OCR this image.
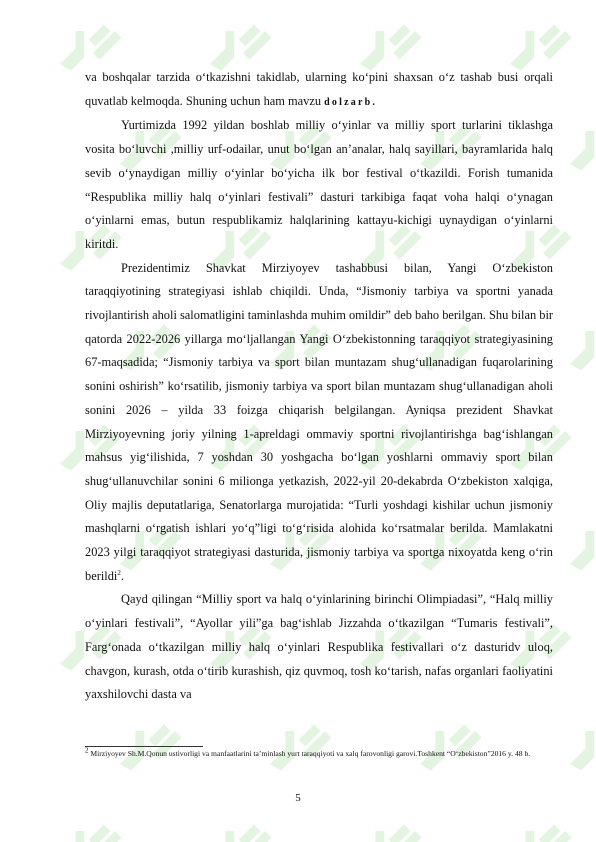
va boshqalar tarzida o‘tkazishni takidlab, ularning ko‘pini shaxsan o‘z tashab busi orqali quvatlab kelmoqda. Shuning uchun ham mavzu dolzarb.

Yurtimizda 1992 yildan boshlab milliy o‘yinlar va milliy sport turlarini tiklashga vosita bo‘luvchi ,milliy urf-odailar, unut bo‘lgan an’analar, halq sayillari, bayramlarida halq sevib o‘ynaydigan milliy o‘yinlar bo‘yicha ilk bor festival o‘tkazildi. Forish tumanida “Respublika milliy halq o‘yinlari festivali” dasturi tarkibiga faqat voha halqi o‘ynagan o‘yinlarni emas, butun respublikamiz halqlarining kattayu-kichigi uynaydigan o‘yinlarni kiritdi.

Prezidentimiz Shavkat Mirziyoyev tashabbusi bilan, Yangi O‘zbekiston taraqqiyotining strategiyasi ishlab chiqildi. Unda, “Jismoniy tarbiya va sportni yanada rivojlantirish aholi salomatligini taminlashda muhim omildir” deb baho berilgan. Shu bilan bir qatorda 2022-2026 yillarga mo‘ljallangan Yangi O‘zbekistonning taraqqiyot strategiyasining 67-maqsadida; “Jismoniy tarbiya va sport bilan muntazam shug‘ullanadigan fuqarolarining sonini oshirish” ko‘rsatilib, jismoniy tarbiya va sport bilan muntazam shug‘ullanadigan aholi sonini 2026 – yilda 33 foizga chiqarish belgilangan. Ayniqsa prezident Shavkat Mirziyoyevning joriy yilning 1-apreldagi ommaviy sportni rivojlantirishga bag‘ishlangan mahsus yig‘ilishida, 7 yoshdan 30 yoshgacha bo‘lgan yoshlarni ommaviy sport bilan shug‘ullanuvchilar sonini 6 milionga yetkazish, 2022-yil 20-dekabrda O‘zbekiston xalqiga, Oliy majlis deputatlariga, Senatorlarga murojatida: “Turli yoshdagi kishilar uchun jismoniy mashqlarni o‘rgatish ishlari yo‘q”ligi to‘g‘risida alohida ko‘rsatmalar berilda. Mamlakatni 2023 yilgi taraqqiyot strategiyasi dasturida, jismoniy tarbiya va sportga nixoyatda keng o‘rin berildi$^2$.

Qayd qilingan “Milliy sport va halq o‘yinlarining birinchi Olimpiadasi”, “Halq milliy o‘yinlari festivali”, “Ayollar yili”ga bag‘ishlab Jizzahda o‘tkazilgan “Tumaris festivali”, Farg‘onada o‘tkazilgan milliy halq o‘yinlari Respublika festivallari o‘z dasturidv uloq, chavgon, kurash, otda o‘tirib kurashish, qiz quvmoq, tosh ko‘tarish, nafas organlari faoliyatini yaxshilovchi dasta va

$^2$ Mirziyoyev Sh.M.Qonun ustivorligi va manfaatlarini ta’minlash yurt taraqqiyoti va xalq farovonligi garovi.Toshkent “O‘zbekiston”2016 y. 48 b.
5
